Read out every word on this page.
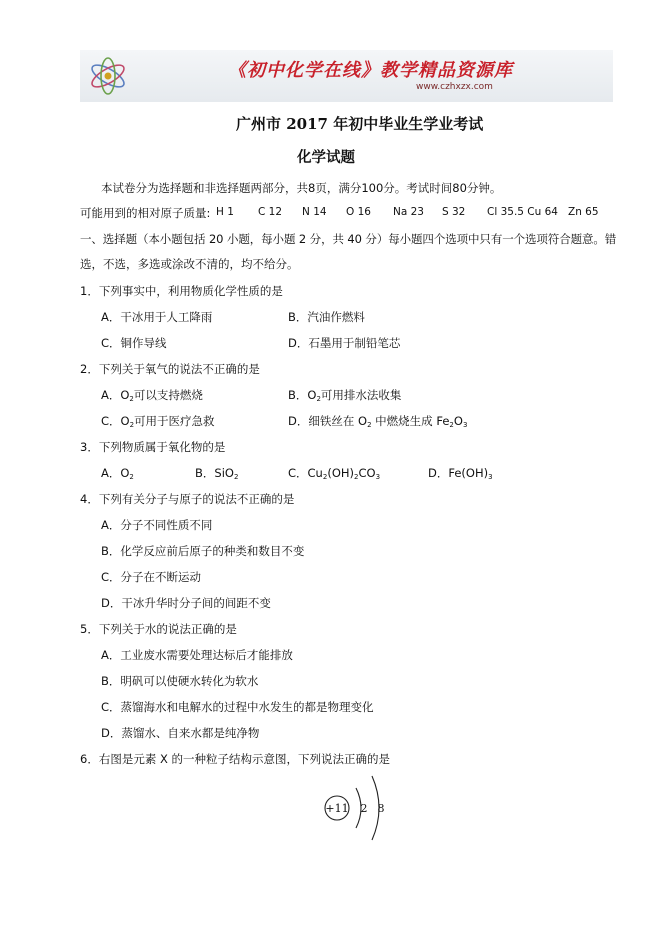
《初中化学在线》教学精品资源库
www.czhxzx.com
广州市 2017 年初中毕业生学业考试
化学试题
本试卷分为选择题和非选择题两部分，共8页，满分100分。考试时间80分钟。
可能用到的相对原子质量: H 1 C 12 N 14 O 16 Na 23 S 32 Cl 35.5 Cu 64 Zn 65
一、选择题（本小题包括 20 小题，每小题 2 分，共 40 分）每小题四个选项中只有一个选项符合题意。错
选，不选，多选或涂改不清的，均不给分。
1．下列事实中，利用物质化学性质的是
A．干冰用于人工降雨	B．汽油作燃料
C．铜作导线	D．石墨用于制铅笔芯
2．下列关于氧气的说法不正确的是
A．$O_2$可以支持燃烧	B．$O_2$可用排水法收集
C．$O_2$可用于医疗急救	D．细铁丝在 $O_2$ 中燃烧生成 $Fe_2O_3$
3．下列物质属于氧化物的是
A．$O_2$	B．SiO$_2$	C．$Cu_2(OH)_2CO_3$	D．$Fe(OH)_3$
4．下列有关分子与原子的说法不正确的是
A．分子不同性质不同
B．化学反应前后原子的种类和数目不变
C．分子在不断运动
D．干冰升华时分子间的间距不变
5．下列关于水的说法正确的是
A．工业废水需要处理达标后才能排放
B．明矾可以使硬水转化为软水
C．蒸馏海水和电解水的过程中水发生的都是物理变化
D．蒸馏水、自来水都是纯净物
6．右图是元素 X 的一种粒子结构示意图，下列说法正确的是
+11 2 8
